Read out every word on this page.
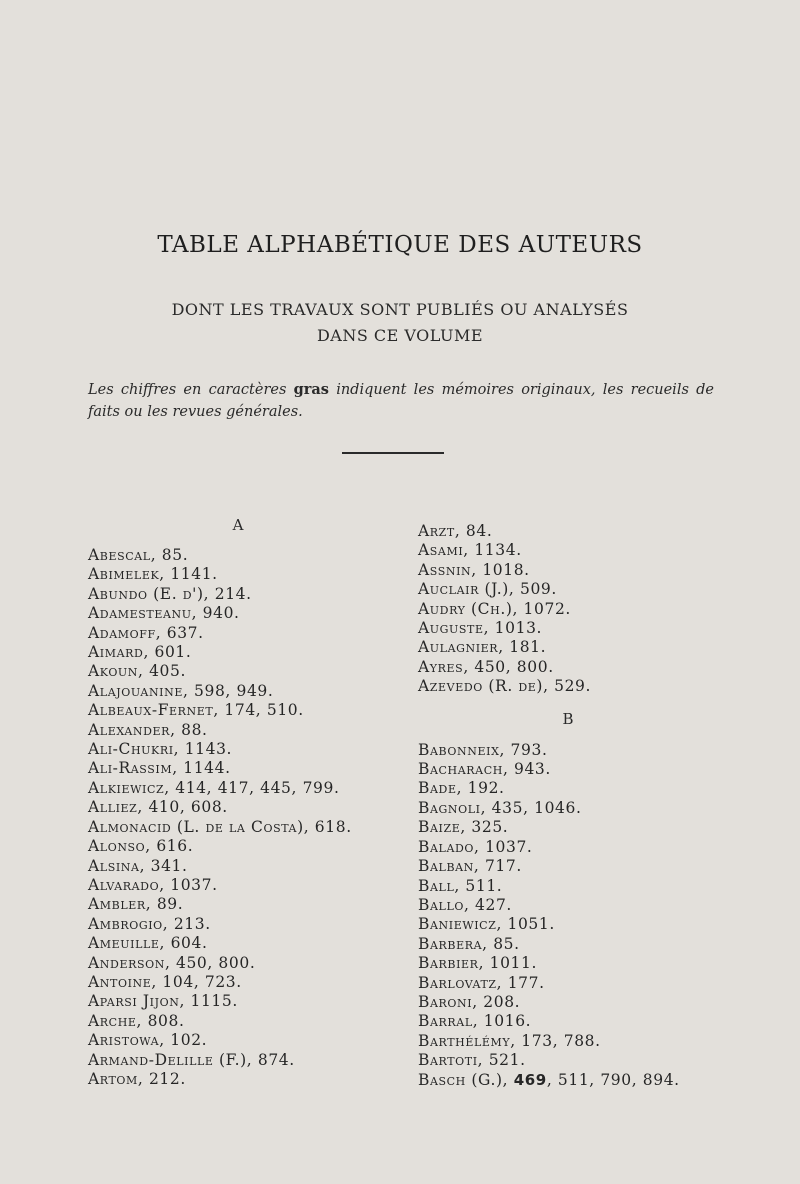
TABLE ALPHABÉTIQUE DES AUTEURS

DONT LES TRAVAUX SONT PUBLIÉS OU ANALYSÉS

DANS CE VOLUME

Les chiffres en caractères gras indiquent les mémoires originaux, les recueils de faits ou les revues générales.

A
Abescal, 85.
Abimelek, 1141.
Abundo (E. d'), 214.
Adamesteanu, 940.
Adamoff, 637.
Aimard, 601.
Akoun, 405.
Alajouanine, 598, 949.
Albeaux-Fernet, 174, 510.
Alexander, 88.
Ali-Chukri, 1143.
Ali-Rassim, 1144.
Alkiewicz, 414, 417, 445, 799.
Alliez, 410, 608.
Almonacid (L. de la Costa), 618.
Alonso, 616.
Alsina, 341.
Alvarado, 1037.
Ambler, 89.
Ambrogio, 213.
Ameuille, 604.
Anderson, 450, 800.
Antoine, 104, 723.
Aparsi Jijon, 1115.
Arche, 808.
Aristowa, 102.
Armand-Delille (F.), 874.
Artom, 212.
Arzt, 84.
Asami, 1134.
Assnin, 1018.
Auclair (J.), 509.
Audry (Ch.), 1072.
Auguste, 1013.
Aulagnier, 181.
Ayres, 450, 800.
Azevedo (R. de), 529.
B
Babonneix, 793.
Bacharach, 943.
Bade, 192.
Bagnoli, 435, 1046.
Baize, 325.
Balado, 1037.
Balban, 717.
Ball, 511.
Ballo, 427.
Baniewicz, 1051.
Barbera, 85.
Barbier, 1011.
Barlovatz, 177.
Baroni, 208.
Barral, 1016.
Barthélémy, 173, 788.
Bartoti, 521.
Basch (G.), 469, 511, 790, 894.
